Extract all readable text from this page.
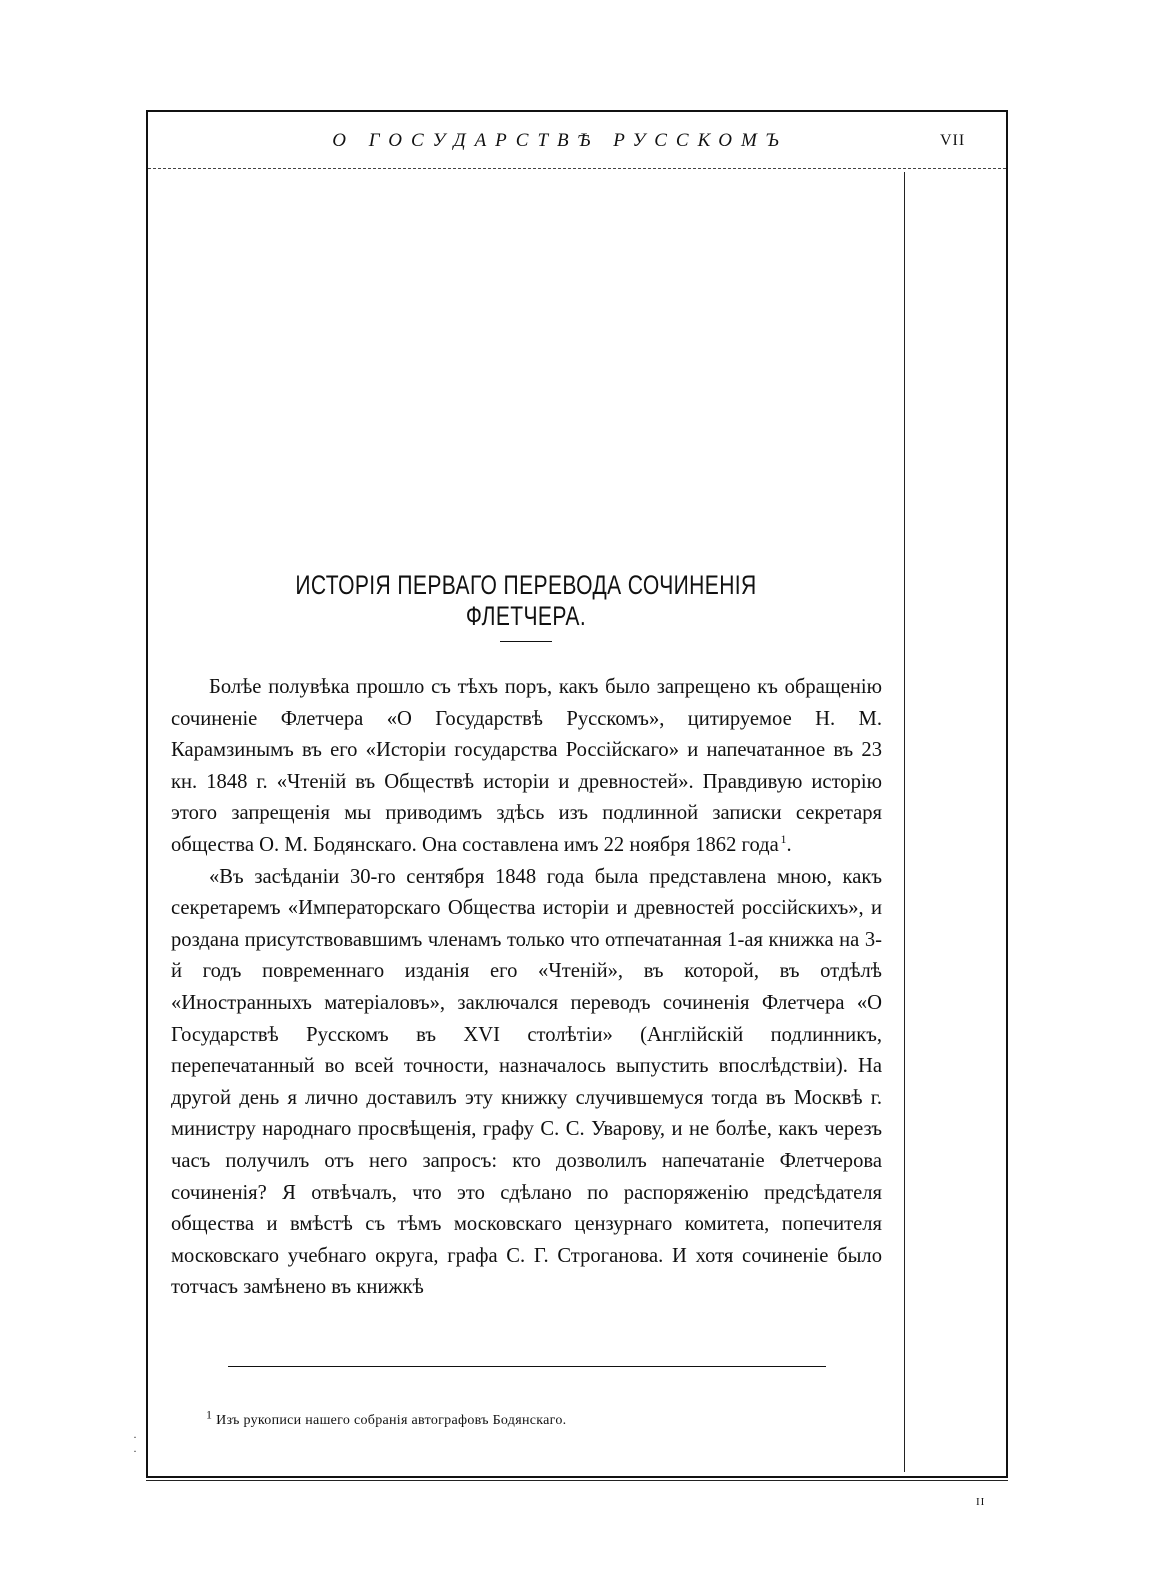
О ГОСУДАРСТВѢ РУССКОМЪ	VII
ИСТОРІЯ ПЕРВАГО ПЕРЕВОДА СОЧИНЕНІЯ ФЛЕТЧЕРА.

Болѣе полувѣка прошло съ тѣхъ поръ, какъ было запрещено къ обращенію сочиненіе Флетчера «О Государствѣ Русскомъ», цитируемое Н. М. Карамзинымъ въ его «Исторіи государства Россійскаго» и напечатанное въ 23 кн. 1848 г. «Чтеній въ Обществѣ исторіи и древностей». Правдивую исторію этого запрещенія мы приводимъ здѣсь изъ подлинной записки секретаря общества О. М. Бодянскаго. Она составлена имъ 22 ноября 1862 года  $^1$.

«Въ засѣданіи 30-го сентября 1848 года была представлена мною, какъ секретаремъ «Императорскаго Общества исторіи и древностей россійскихъ», и роздана присутствовавшимъ членамъ только что отпечатанная 1-ая книжка на 3-й годъ повременнаго изданія его «Чтеній», въ которой, въ отдѣлѣ «Иностранныхъ матеріаловъ», заключался переводъ сочиненія Флетчера «О Государствѣ Русскомъ въ XVI столѣтіи» (Англійскій подлинникъ, перепечатанный во всей точности, назначалось выпустить впослѣдствіи). На другой день я лично доставилъ эту книжку случившемуся тогда въ Москвѣ г. министру народнаго просвѣщенія, графу С. С. Уварову, и не болѣе, какъ черезъ часъ получилъ отъ него запросъ: кто дозволилъ напечатаніе Флетчерова сочиненія? Я отвѣчалъ, что это сдѣлано по распоряженію предсѣдателя общества и вмѣстѣ съ тѣмъ московскаго цензурнаго комитета, попечителя московскаго учебнаго округа, графа С. Г. Строганова. И хотя сочиненіе было тотчасъ замѣнено въ книжкѣ

$^1$ Изъ рукописи нашего собранія автографовъ Бодянскаго.
·
·
II
